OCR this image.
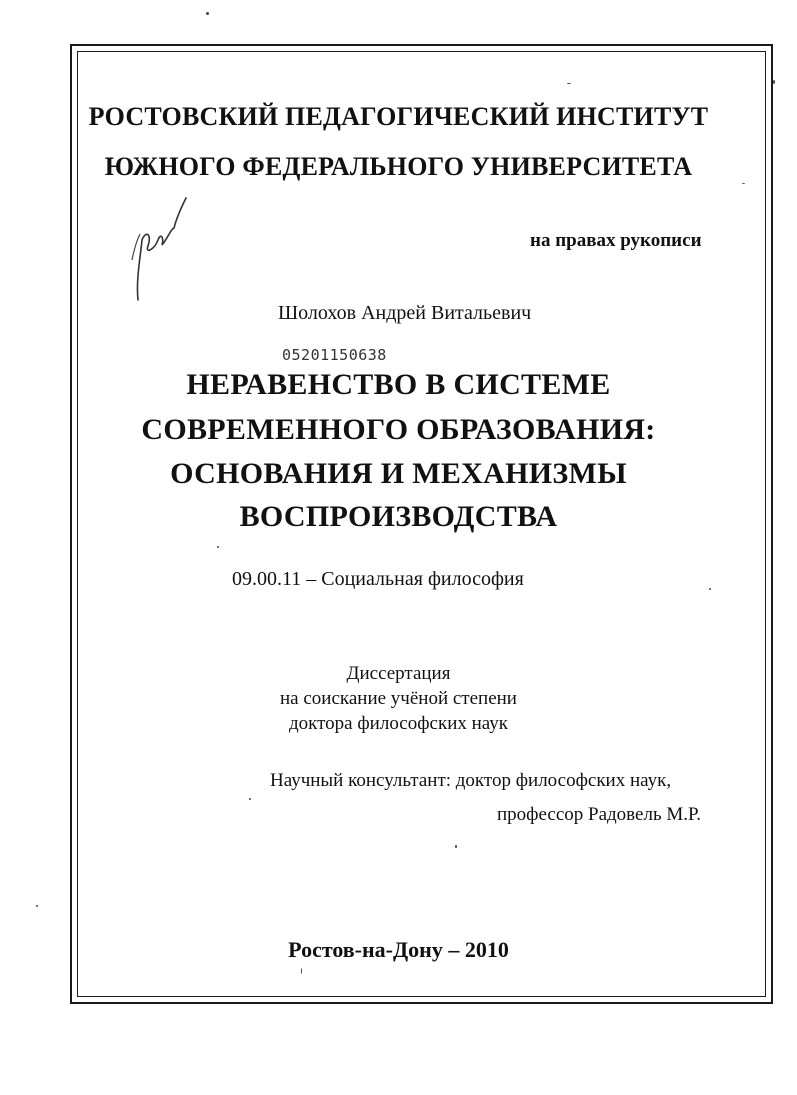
РОСТОВСКИЙ ПЕДАГОГИЧЕСКИЙ ИНСТИТУТ
ЮЖНОГО ФЕДЕРАЛЬНОГО УНИВЕРСИТЕТА
на правах рукописи
Шолохов Андрей Витальевич
05201150638
НЕРАВЕНСТВО В СИСТЕМЕ
СОВРЕМЕННОГО ОБРАЗОВАНИЯ:
ОСНОВАНИЯ И МЕХАНИЗМЫ
ВОСПРОИЗВОДСТВА
09.00.11 – Социальная философия
Диссертация
на соискание учёной степени
доктора философских наук
Научный консультант: доктор философских наук,
профессор Радовель М.Р.
Ростов-на-Дону – 2010
